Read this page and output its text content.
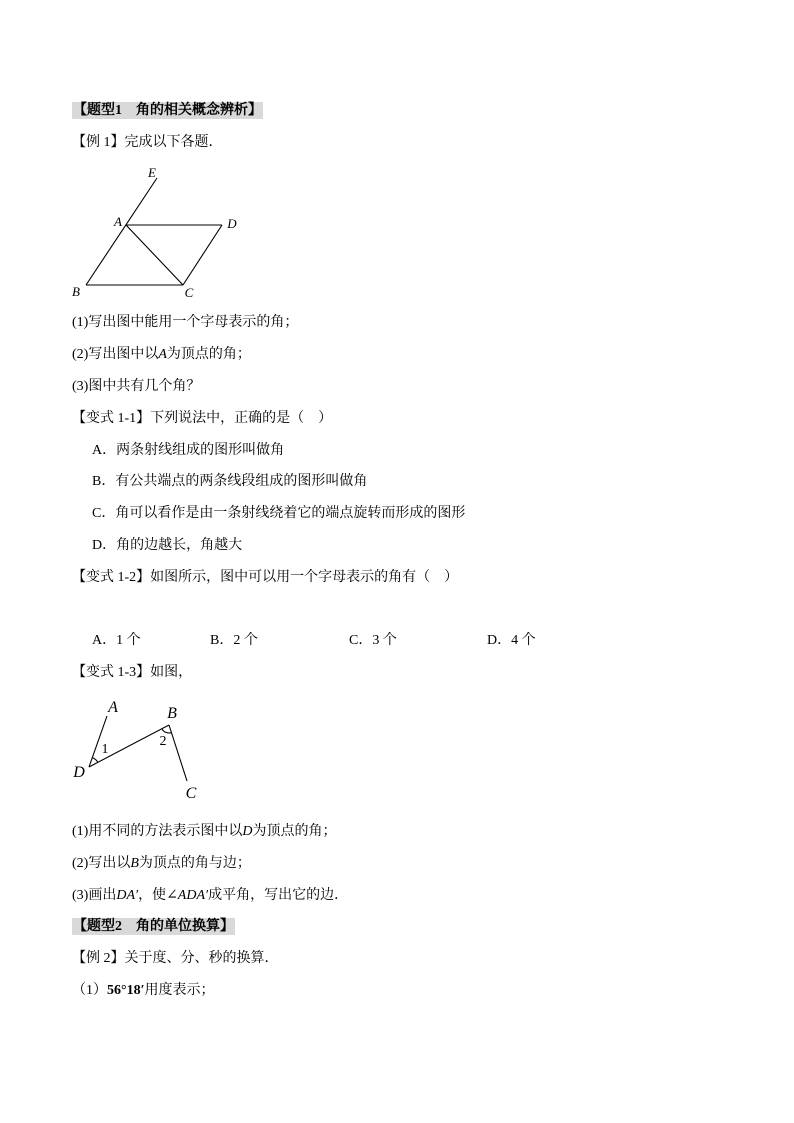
【题型1　角的相关概念辨析】
【例 1】完成以下各题．
E
A	D
B	C
(1)写出图中能用一个字母表示的角；
(2)写出图中以A为顶点的角；
(3)图中共有几个角？
【变式 1-1】下列说法中，正确的是（　）
A．两条射线组成的图形叫做角
B．有公共端点的两条线段组成的图形叫做角
C．角可以看作是由一条射线绕着它的端点旋转而形成的图形
D．角的边越长，角越大
【变式 1-2】如图所示，图中可以用一个字母表示的角有（　）
A．1 个	B．2 个	C．3 个	D．4 个
【变式 1-3】如图，
A	B
D
C
1
2
(1)用不同的方法表示图中以D为顶点的角；
(2)写出以B为顶点的角与边；
(3)画出DA′，使∠ADA′成平角，写出它的边．
【题型2　角的单位换算】
【例 2】关于度、分、秒的换算．
（1）56°18′用度表示；
